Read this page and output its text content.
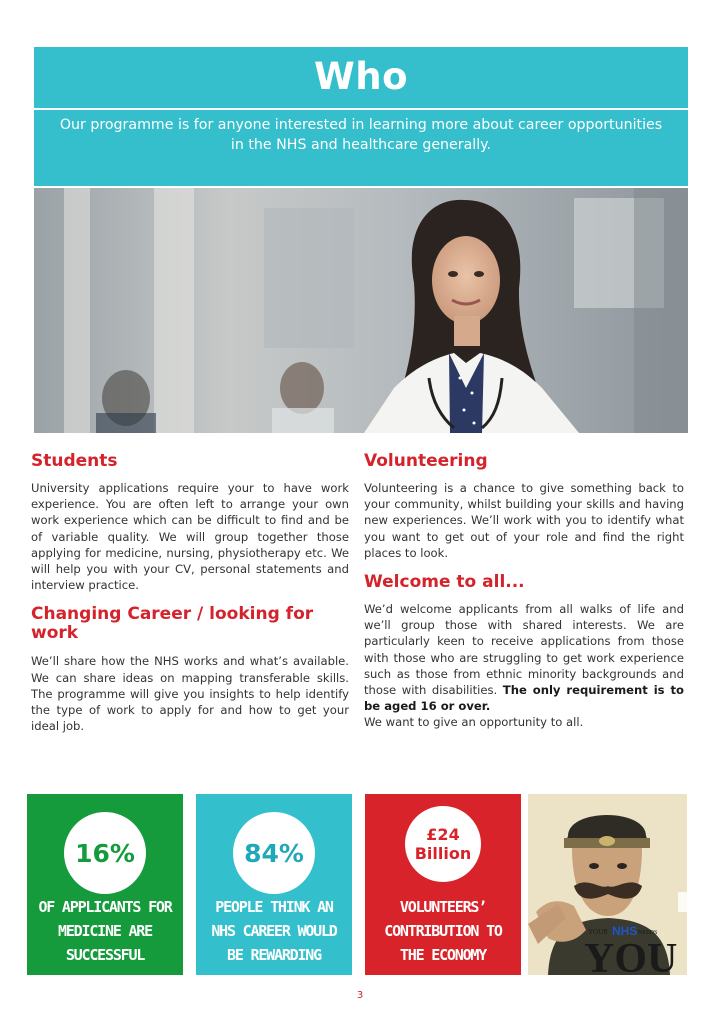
Who
Our programme is for anyone interested in learning more about career opportunities in the NHS and healthcare generally.
Students
University applications require your to have work experience. You are often left to arrange your own work experience which can be difficult to find and be of variable quality. We will group together those applying for medicine, nursing, physiotherapy etc. We will help you with your CV, personal statements and interview practice.
Changing Career / looking for work
We’ll share how the NHS works and what’s available. We can share ideas on mapping transferable skills. The programme will give you insights to help identify the type of work to apply for and how to get your ideal job.
Volunteering
Volunteering is a chance to give something back to your community, whilst building your skills and having new experiences. We’ll work with you to identify what you want to get out of your role and find the right places to look.
Welcome to all...
We’d welcome applicants from all walks of life and we’ll group those with shared interests. We are particularly keen to receive applications from those with those who are struggling to get work experience such as those from ethnic minority backgrounds and those with disabilities. The only requirement is to be aged 16 or over.
We want to give an opportunity to all.
16%
OF APPLICANTS FOR MEDICINE ARE SUCCESSFUL
84%
PEOPLE THINK AN NHS CAREER WOULD BE REWARDING
£24 Billion
VOLUNTEERS’ CONTRIBUTION TO THE ECONOMY
YOUR NHS NEEDS
YOU
3
